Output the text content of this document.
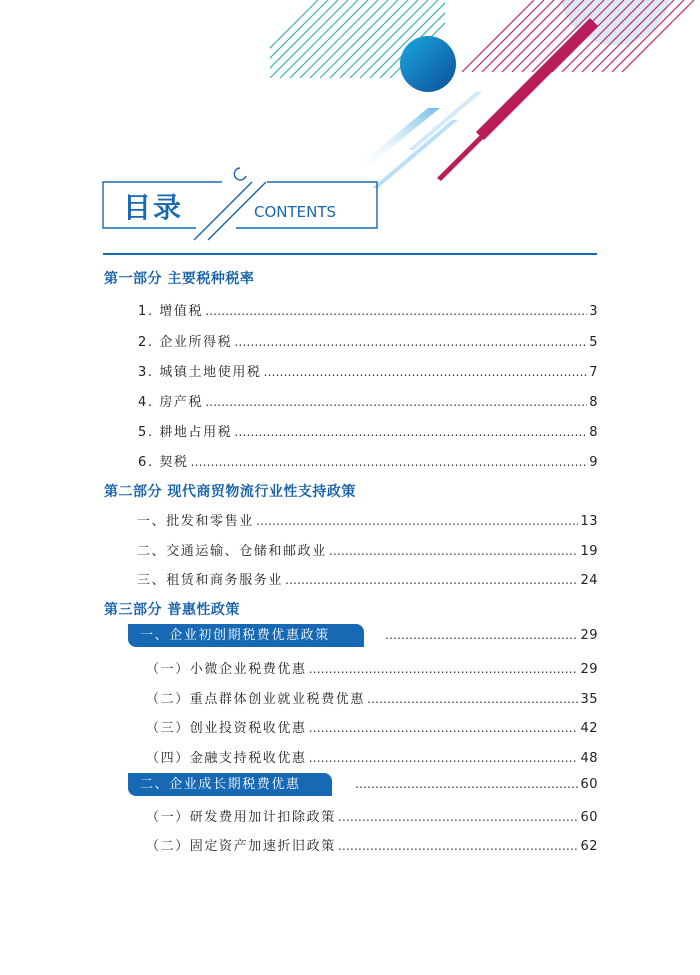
目录	CONTENTS
第一部分 主要税种税率
1. 增值税 …………………………………………………………………………………………………………………………………………	3
2. 企业所得税 …………………………………………………………………………………………………………………………………………	5
3. 城镇土地使用税 …………………………………………………………………………………………………………………………………………	7
4. 房产税 …………………………………………………………………………………………………………………………………………	8
5. 耕地占用税 …………………………………………………………………………………………………………………………………………	8
6. 契税 …………………………………………………………………………………………………………………………………………	9
第二部分 现代商贸物流行业性支持政策
一、批发和零售业 …………………………………………………………………………………………………………………………………………	13
二、交通运输、仓储和邮政业 …………………………………………………………………………………………………………………………………………	19
三、租赁和商务服务业 …………………………………………………………………………………………………………………………………………	24
第三部分 普惠性政策
一、企业初创期税费优惠政策 …………………………………………………………………………………………………………………………………………	29
（一）小微企业税费优惠 …………………………………………………………………………………………………………………………………………	29
（二）重点群体创业就业税费优惠 …………………………………………………………………………………………………………………………………………	35
（三）创业投资税收优惠 …………………………………………………………………………………………………………………………………………	42
（四）金融支持税收优惠 …………………………………………………………………………………………………………………………………………	48
二、企业成长期税费优惠 …………………………………………………………………………………………………………………………………………	60
（一）研发费用加计扣除政策 …………………………………………………………………………………………………………………………………………	60
（二）固定资产加速折旧政策 …………………………………………………………………………………………………………………………………………	62
